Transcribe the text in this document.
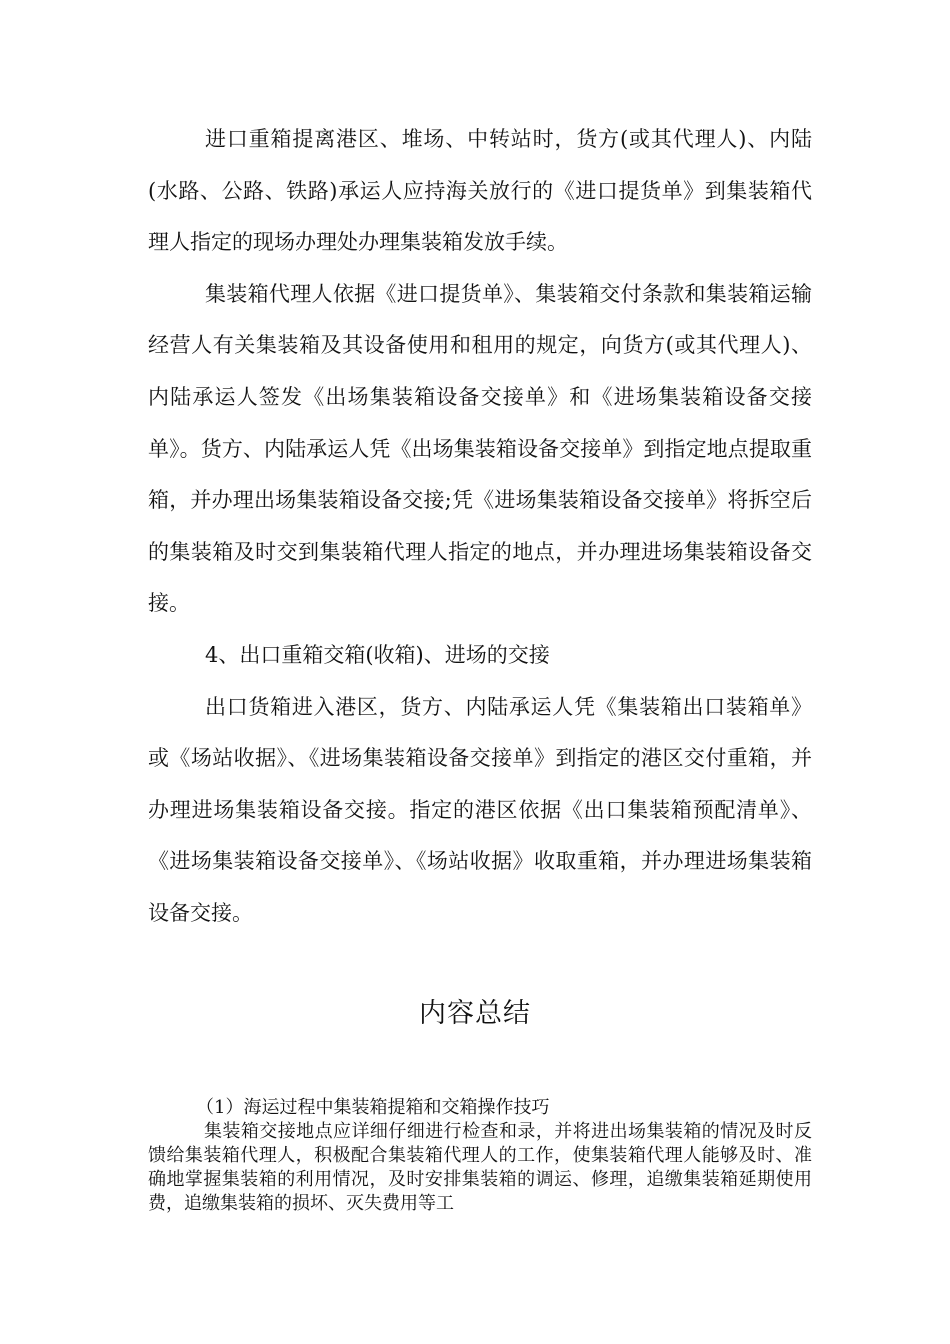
进口重箱提离港区、堆场、中转站时，货方(或其代理人)、内陆(水路、公路、铁路)承运人应持海关放行的《进口提货单》到集装箱代理人指定的现场办理处办理集装箱发放手续。

集装箱代理人依据《进口提货单》、集装箱交付条款和集装箱运输经营人有关集装箱及其设备使用和租用的规定，向货方(或其代理人)、内陆承运人签发《出场集装箱设备交接单》和《进场集装箱设备交接单》。货方、内陆承运人凭《出场集装箱设备交接单》到指定地点提取重箱，并办理出场集装箱设备交接;凭《进场集装箱设备交接单》将拆空后的集装箱及时交到集装箱代理人指定的地点，并办理进场集装箱设备交接。

4、出口重箱交箱(收箱)、进场的交接

出口货箱进入港区，货方、内陆承运人凭《集装箱出口装箱单》或《场站收据》、《进场集装箱设备交接单》到指定的港区交付重箱，并办理进场集装箱设备交接。指定的港区依据《出口集装箱预配清单》、《进场集装箱设备交接单》、《场站收据》收取重箱，并办理进场集装箱设备交接。

内容总结

（1）海运过程中集装箱提箱和交箱操作技巧

集装箱交接地点应详细仔细进行检查和录，并将进出场集装箱的情况及时反馈给集装箱代理人，积极配合集装箱代理人的工作，使集装箱代理人能够及时、准确地掌握集装箱的利用情况，及时安排集装箱的调运、修理，追缴集装箱延期使用费，追缴集装箱的损坏、灭失费用等工
